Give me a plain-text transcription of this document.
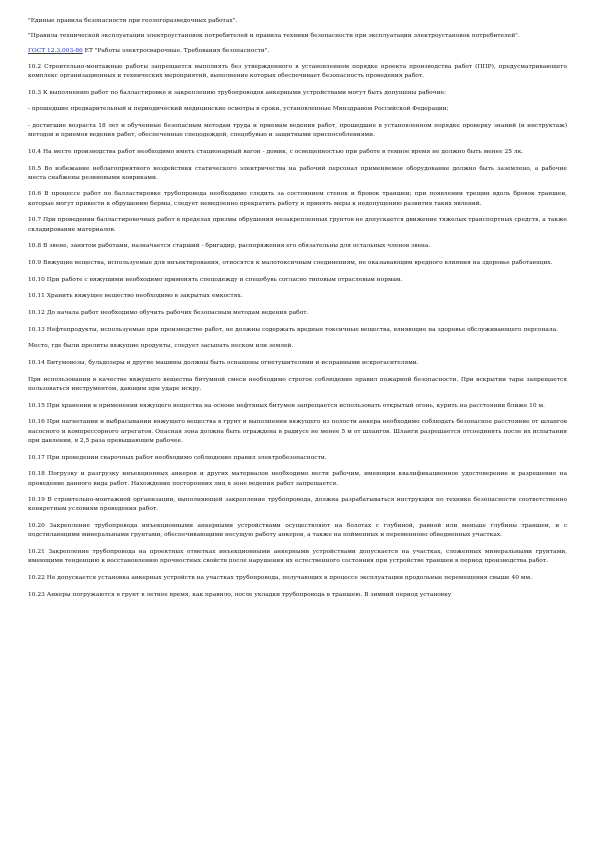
"Единые правила безопасности при геологоразведочных работах".
"Правила технической эксплуатации электроустановок потребителей и правила техники безопасности при эксплуатации электроустановок потребителей".
ГОСТ 12.3.003-86 ЕТ "Работы электросварочные. Требования безопасности".
10.2 Строительно-монтажные работы запрещается выполнять без утвержденного в установленном порядке проекта производства работ (ППР), предусматривающего комплекс организационных и технических мероприятий, выполнение которых обеспечивает безопасность проведения работ.
10.3 К выполнению работ по балластировке и закреплению трубопроводов анкерными устройствами могут быть допущены рабочие:
- прошедшие предварительный и периодический медицинские осмотры в сроки, установленные Минздравом Российской Федерации;
- достигшие возраста 18 лет и обученные безопасным методам труда и приемам ведения работ, прошедшие в установленном порядке проверку знаний (и инструктаж) методов и приемов ведения работ, обеспеченные спецодеждой, спецобувью и защитными приспособлениями.
10.4 На месте производства работ необходимо иметь стационарный вагон - домик, с освещенностью при работе в темное время не должно быть менее 25 лк.
10.5 Во избежание неблагоприятного воздействия статического электричества на рабочий персонал применяемое оборудование должно быть заземлено, а рабочие места снабжены резиновыми ковриками.
10.6 В процессе работ по балластировке трубопровода необходимо следить за состоянием стенок и бровок траншеи; при появлении трещин вдоль бровок траншеи, которые могут привести к обрушению бермы, следует немедленно прекратить работу и принять меры к недопущению развития таких явлений.
10.7 При проведении балластировочных работ в пределах призмы обрушения незакрепленных грунтов не допускается движение тяжелых транспортных средств, а также складирование материалов.
10.8 В звене, занятом работами, назначается старший - бригадир, распоряжения его обязательны для остальных членов звена.
10.9 Вяжущие вещества, используемые для инъектирования, относятся к малотоксичным соединениям, не оказывающим вредного влияния на здоровье работающих.
10.10 При работе с вяжущими необходимо применять спецодежду и спецобувь согласно типовым отраслевым нормам.
10.11 Хранить вяжущее вещество необходимо в закрытых емкостях.
10.12 До начала работ необходимо обучить рабочих безопасным методам ведения работ.
10.13 Нефтепродукты, используемые при производстве работ, не должны содержать вредные токсичные вещества, влияющие на здоровье обслуживающего персонала.
Место, где были пролиты вяжущие продукты, следует засыпать песком или землей.
10.14 Битумовозы, бульдозеры и другие машины должны быть оснащены огнетушителями и исправными искрогасителями.
При использовании в качестве вяжущего вещества битумной смеси необходимо строгое соблюдение правил пожарной безопасности. При вскрытии тары запрещается пользоваться инструментом, дающим при ударе искру.
10.15 При хранении и применении вяжущего вещества на основе нефтяных битумов запрещается использовать открытый огонь, курить на расстоянии ближе 10 м.
10.16 При нагнетании и выбрасывании вяжущего вещества в грунт и выполнении вяжущего из полости анкера необходимо соблюдать безопасное расстояние от шлангов насосного и компрессорного агрегатов. Опасная зона должна быть ограждена в радиусе не менее 5 м от шлангов. Шланги разрешается отсоединять после их испытания при давлении, в 2,5 раза превышающем рабочее.
10.17 При проведении сварочных работ необходимо соблюдение правил электробезопасности.
10.18 Погрузку и разгрузку инъекционных анкеров и других материалов необходимо вести рабочим, имеющим квалификационное удостоверение и разрешение на проведение данного вида работ. Нахождение посторонних лиц в зоне ведения работ запрещается.
10.19 В строительно-монтажной организации, выполняющей закрепление трубопровода, должна разрабатываться инструкция по технике безопасности соответственно конкретным условиям проведения работ.
10.20 Закрепление трубопровода инъекционными анкерными устройствами осуществляют на болотах с глубиной, равной или меньше глубины траншеи, и с подстилающими минеральными грунтами, обеспечивающими несущую работу анкеров, а также на пойменных и переменноно обводненных участках.
10.21 Закрепление трубопровода на проектных отметках инъекционными анкерными устройствами допускается на участках, сложенных минеральными грунтами, имеющими тенденцию к восстановлению прочностных свойств после нарушения их естественного состояния при устройстве траншеи в период производства работ.
10.22 Не допускается установка анкерных устройств на участках трубопровода, получающих в процессе эксплуатации продольные перемещения свыше 40 мм.
10.23 Анкеры погружаются в грунт в летнее время, как правило, после укладки трубопровода в траншею. В зимний период установку
